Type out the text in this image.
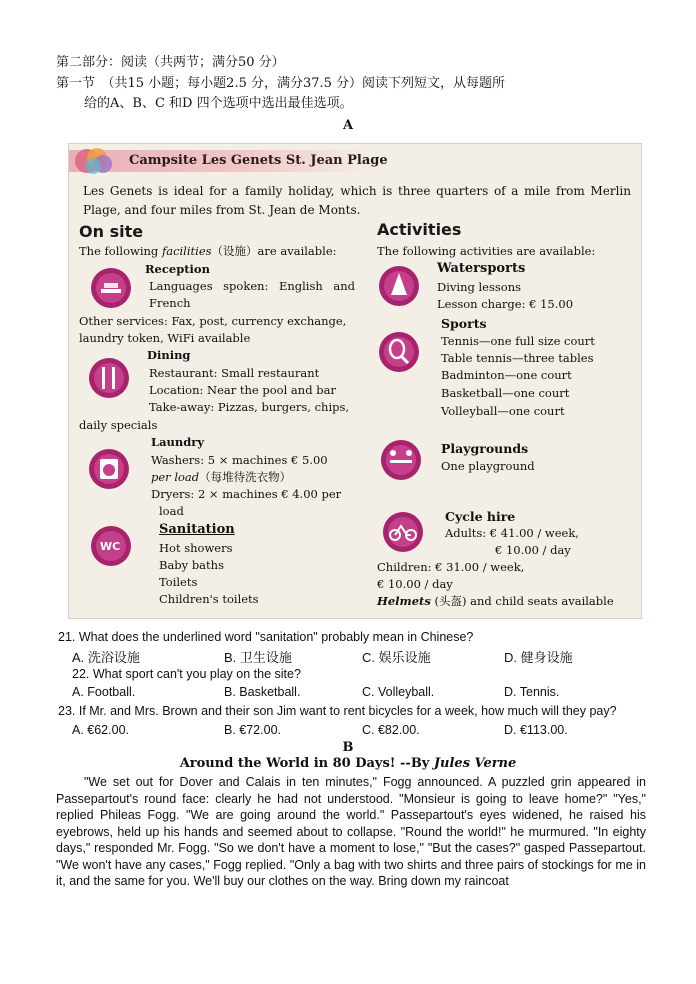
第二部分：阅读（共两节；满分50 分）
第一节　（共15 小题；每小题2.5 分，满分37.5 分）阅读下列短文，从每题所
给的A、B、C 和D 四个选项中选出最佳选项。
A
Campsite Les Genets St. Jean Plage
Les Genets is ideal for a family holiday, which is three quarters of a mile from Merlin Plage, and four miles from St. Jean de Monts.
On site
The following facilities（设施）are available:
Reception
Languages spoken: English and
French
Other services: Fax, post, currency exchange,
laundry token, WiFi available
Dining
Restaurant: Small restaurant
Location: Near the pool and bar
Take-away: Pizzas, burgers, chips,
daily specials
Laundry
Washers: 5 × machines € 5.00
per load（每堆待洗衣物）
Dryers: 2 × machines € 4.00 per
load
WC
Sanitation
Hot showers
Baby baths
Toilets
Children's toilets
Activities
The following activities are available:
Watersports
Diving lessons
Lesson charge: € 15.00
Sports
Tennis—one full size court
Table tennis—three tables
Badminton—one court
Basketball—one court
Volleyball—one court
Playgrounds
One playground
Cycle hire
Adults: € 41.00 / week,
€ 10.00 / day
Children: € 31.00 / week,
€ 10.00 / day
Helmets (头盔) and child seats available
21. What does the underlined word "sanitation" probably mean in Chinese?
A. 洗浴设施	B. 卫生设施	C. 娱乐设施	D. 健身设施
22. What sport can't you play on the site?
A. Football.	B. Basketball.	C. Volleyball.	D. Tennis.
23. If Mr. and Mrs. Brown and their son Jim want to rent bicycles for a week, how much will they pay?
A. €62.00.	B. €72.00.	C. €82.00.	D. €113.00.
B
Around the World in 80 Days! --By Jules Verne
"We set out for Dover and Calais in ten minutes," Fogg announced. A puzzled grin appeared in Passepartout's round face: clearly he had not understood. "Monsieur is going to leave home?" "Yes," replied Phileas Fogg. "We are going around the world." Passepartout's eyes widened, he raised his eyebrows, held up his hands and seemed about to collapse. "Round the world!" he murmured. "In eighty days," responded Mr. Fogg. "So we don't have a moment to lose," "But the cases?" gasped Passepartout. "We won't have any cases," Fogg replied. "Only a bag with two shirts and three pairs of stockings for me in it, and the same for you. We'll buy our clothes on the way. Bring down my raincoat
